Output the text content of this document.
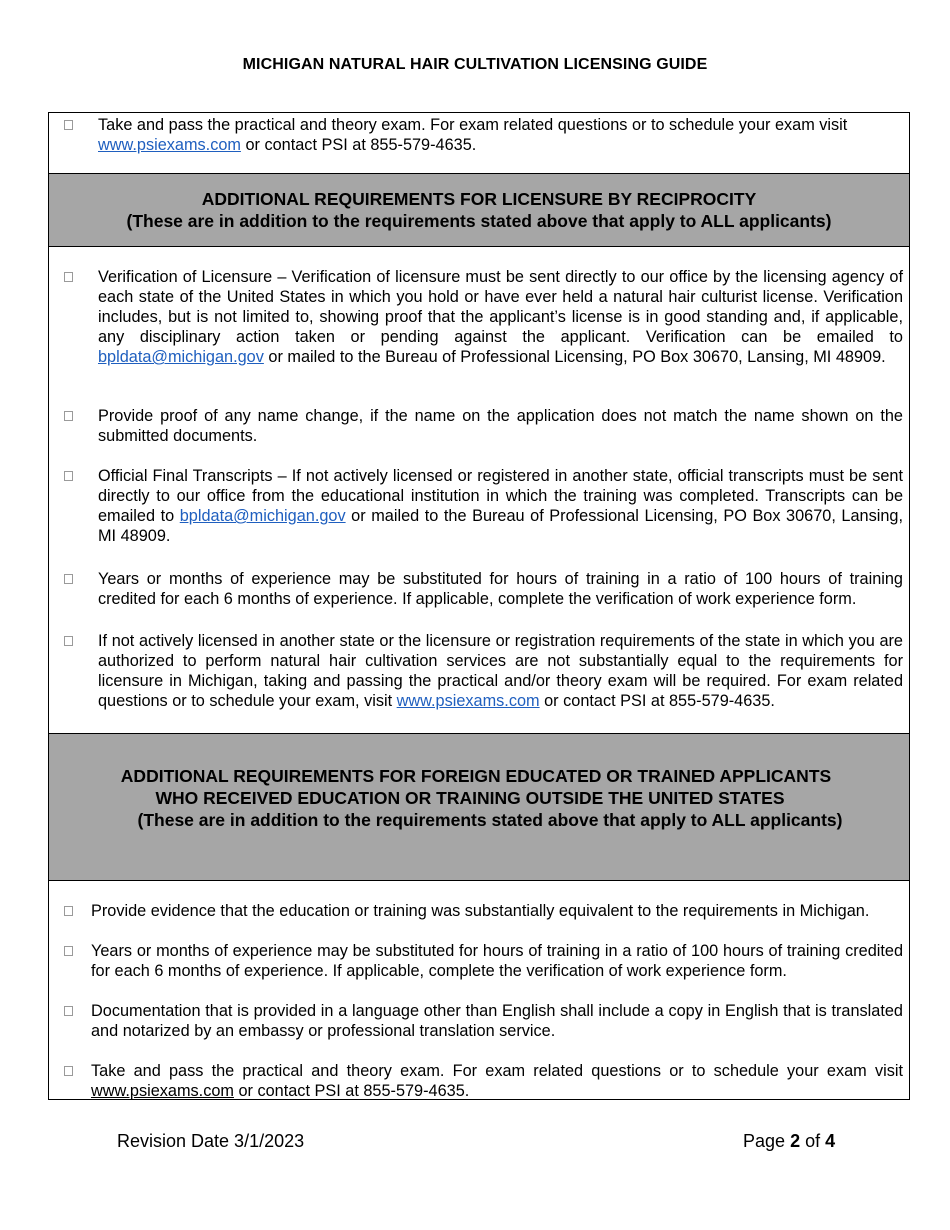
MICHIGAN NATURAL HAIR CULTIVATION LICENSING GUIDE
Take and pass the practical and theory exam. For exam related questions or to schedule your exam visit www.psiexams.com or contact PSI at 855-579-4635.
ADDITIONAL REQUIREMENTS FOR LICENSURE BY RECIPROCITY
(These are in addition to the requirements stated above that apply to ALL applicants)
Verification of Licensure – Verification of licensure must be sent directly to our office by the licensing agency of each state of the United States in which you hold or have ever held a natural hair culturist license. Verification includes, but is not limited to, showing proof that the applicant’s license is in good standing and, if applicable, any disciplinary action taken or pending against the applicant. Verification can be emailed to bpldata@michigan.gov or mailed to the Bureau of Professional Licensing, PO Box 30670, Lansing, MI 48909.
Provide proof of any name change, if the name on the application does not match the name shown on the submitted documents.
Official Final Transcripts – If not actively licensed or registered in another state, official transcripts must be sent directly to our office from the educational institution in which the training was completed. Transcripts can be emailed to bpldata@michigan.gov or mailed to the Bureau of Professional Licensing, PO Box 30670, Lansing, MI 48909.
Years or months of experience may be substituted for hours of training in a ratio of 100 hours of training credited for each 6 months of experience. If applicable, complete the verification of work experience form.
If not actively licensed in another state or the licensure or registration requirements of the state in which you are authorized to perform natural hair cultivation services are not substantially equal to the requirements for licensure in Michigan, taking and passing the practical and/or theory exam will be required. For exam related questions or to schedule your exam, visit www.psiexams.com or contact PSI at 855-579-4635.
ADDITIONAL REQUIREMENTS FOR FOREIGN EDUCATED OR TRAINED APPLICANTS
WHO RECEIVED EDUCATION OR TRAINING OUTSIDE THE UNITED STATES
(These are in addition to the requirements stated above that apply to ALL applicants)
Provide evidence that the education or training was substantially equivalent to the requirements in Michigan.
Years or months of experience may be substituted for hours of training in a ratio of 100 hours of training credited for each 6 months of experience. If applicable, complete the verification of work experience form.
Documentation that is provided in a language other than English shall include a copy in English that is translated and notarized by an embassy or professional translation service.
Take and pass the practical and theory exam. For exam related questions or to schedule your exam visit www.psiexams.com or contact PSI at 855-579-4635.
Revision Date 3/1/2023	Page 2 of 4
